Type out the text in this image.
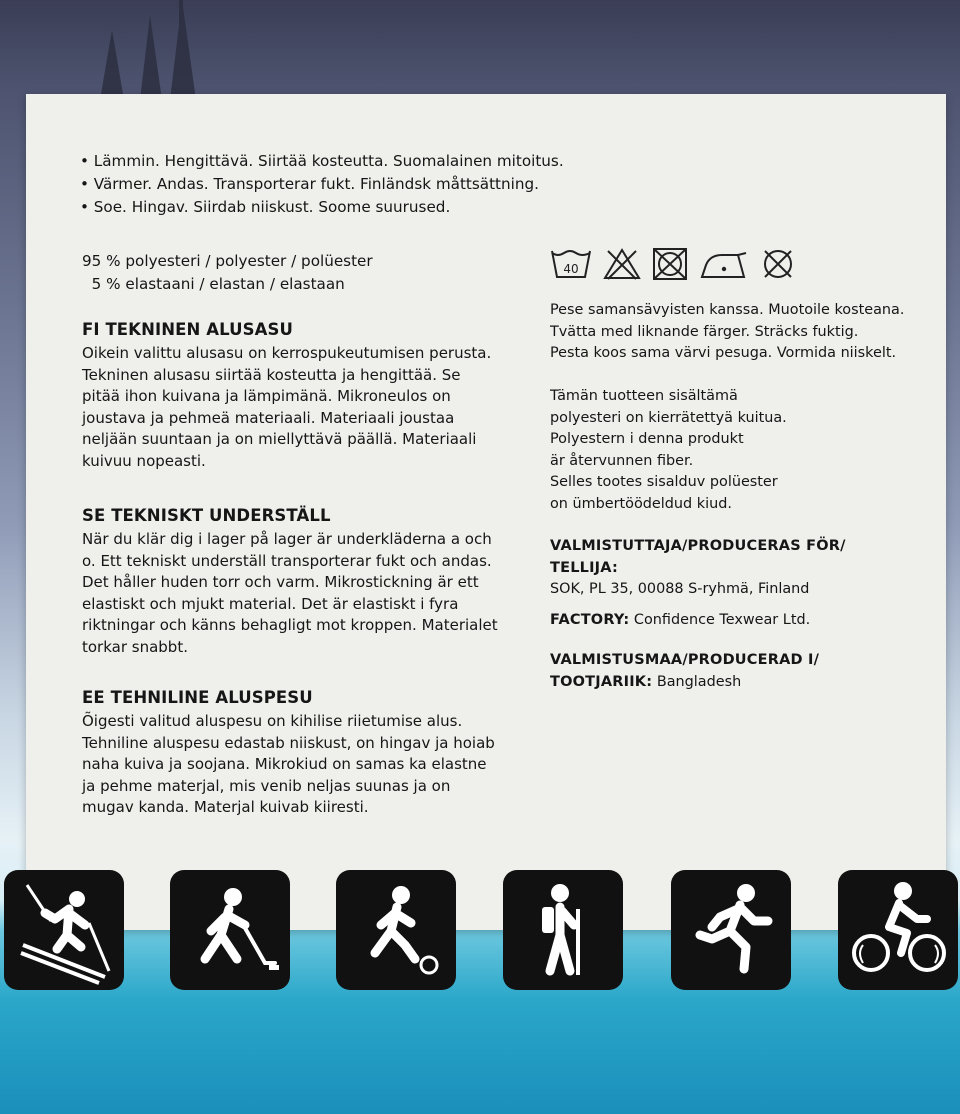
• Lämmin. Hengittävä. Siirtää kosteutta. Suomalainen mitoitus.
• Värmer. Andas. Transporterar fukt. Finländsk måttsättning.
• Soe. Hingav. Siirdab niiskust. Soome suurused.
95 % polyesteri / polyester / polüester
5 % elastaani / elastan / elastaan
FI TEKNINEN ALUSASU

Oikein valittu alusasu on kerrospukeutumisen perusta. Tekninen alusasu siirtää kosteutta ja hengittää. Se pitää ihon kuivana ja lämpimänä. Mikroneulos on joustava ja pehmeä materiaali. Materiaali joustaa neljään suuntaan ja on miellyttävä päällä. Materiaali kuivuu nopeasti.

SE TEKNISKT UNDERSTÄLL

När du klär dig i lager på lager är underkläderna a och o. Ett tekniskt underställ transporterar fukt och andas. Det håller huden torr och varm. Mikrostickning är ett elastiskt och mjukt material. Det är elastiskt i fyra riktningar och känns behagligt mot kroppen. Materialet torkar snabbt.

EE TEHNILINE ALUSPESU

Õigesti valitud aluspesu on kihilise riietumise alus. Tehniline aluspesu edastab niiskust, on hingav ja hoiab naha kuiva ja soojana. Mikrokiud on samas ka elastne ja pehme materjal, mis venib neljas suunas ja on mugav kanda. Materjal kuivab kiiresti.

40

Pese samansävyisten kanssa. Muotoile kosteana.

Tvätta med liknande färger. Sträcks fuktig.

Pesta koos sama värvi pesuga. Vormida niiskelt.

Tämän tuotteen sisältämä

polyesteri on kierrätettyä kuitua.

Polyestern i denna produkt

är återvunnen fiber.

Selles tootes sisalduv polüester

on ümbertöödeldud kiud.

VALMISTUTTAJA/PRODUCERAS FÖR/ TELLIJA:

SOK, PL 35, 00088 S-ryhmä, Finland

FACTORY: Confidence Texwear Ltd.

VALMISTUSMAA/PRODUCERAD I/ TOOTJARIIK: Bangladesh
